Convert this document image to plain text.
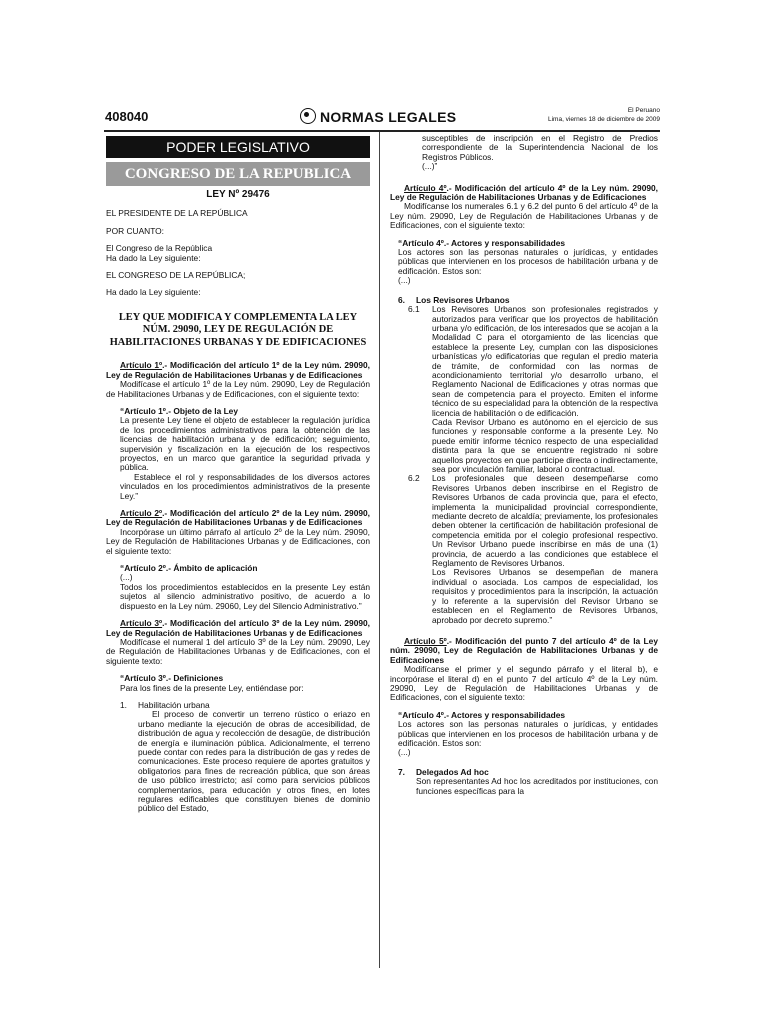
408040	NORMAS LEGALES	El Peruano
Lima, viernes 18 de diciembre de 2009
PODER LEGISLATIVO
CONGRESO DE LA REPUBLICA
LEY Nº 29476

EL PRESIDENTE DE LA REPÚBLICA

POR CUANTO:

El Congreso de la República
Ha dado la Ley siguiente:

EL CONGRESO DE LA REPÚBLICA;

Ha dado la Ley siguiente:

LEY QUE MODIFICA Y COMPLEMENTA LA LEY NÚM. 29090, LEY DE REGULACIÓN DE HABILITACIONES URBANAS Y DE EDIFICACIONES

Artículo 1º.- Modificación del artículo 1º de la Ley núm. 29090, Ley de Regulación de Habilitaciones Urbanas y de Edificaciones

Modifícase el artículo 1º de la Ley núm. 29090, Ley de Regulación de Habilitaciones Urbanas y de Edificaciones, con el siguiente texto:

“Artículo 1º.- Objeto de la Ley

La presente Ley tiene el objeto de establecer la regulación jurídica de los procedimientos administrativos para la obtención de las licencias de habilitación urbana y de edificación; seguimiento, supervisión y fiscalización en la ejecución de los respectivos proyectos, en un marco que garantice la seguridad privada y pública.

Establece el rol y responsabilidades de los diversos actores vinculados en los procedimientos administrativos de la presente Ley.”

Artículo 2º.- Modificación del artículo 2º de la Ley núm. 29090, Ley de Regulación de Habilitaciones Urbanas y de Edificaciones

Incorpórase un último párrafo al artículo 2º de la Ley núm. 29090, Ley de Regulación de Habilitaciones Urbanas y de Edificaciones, con el siguiente texto:

“Artículo 2º.- Ámbito de aplicación

(...)

Todos los procedimientos establecidos en la presente Ley están sujetos al silencio administrativo positivo, de acuerdo a lo dispuesto en la Ley núm. 29060, Ley del Silencio Administrativo.”

Artículo 3º.- Modificación del artículo 3º de la Ley núm. 29090, Ley de Regulación de Habilitaciones Urbanas y de Edificaciones

Modifícase el numeral 1 del artículo 3º de la Ley núm. 29090, Ley de Regulación de Habilitaciones Urbanas y de Edificaciones, con el siguiente texto:

“Artículo 3º.- Definiciones

Para los fines de la presente Ley, entiéndase por:

1.	Habilitación urbana

El proceso de convertir un terreno rústico o eriazo en urbano mediante la ejecución de obras de accesibilidad, de distribución de agua y recolección de desagüe, de distribución de energía e iluminación pública. Adicionalmente, el terreno puede contar con redes para la distribución de gas y redes de comunicaciones. Este proceso requiere de aportes gratuitos y obligatorios para fines de recreación pública, que son áreas de uso público irrestricto; así como para servicios públicos complementarios, para educación y otros fines, en lotes regulares edificables que constituyen bienes de dominio público del Estado,

susceptibles de inscripción en el Registro de Predios correspondiente de la Superintendencia Nacional de los Registros Públicos.

(...)”

Artículo 4º.- Modificación del artículo 4º de la Ley núm. 29090, Ley de Regulación de Habilitaciones Urbanas y de Edificaciones

Modifícanse los numerales 6.1 y 6.2 del punto 6 del artículo 4º de la Ley núm. 29090, Ley de Regulación de Habilitaciones Urbanas y de Edificaciones, con el siguiente texto:

“Artículo 4º.- Actores y responsabilidades

Los actores son las personas naturales o jurídicas, y entidades públicas que intervienen en los procesos de habilitación urbana y de edificación. Estos son:

(...)

6.	Los Revisores Urbanos
6.1	Los Revisores Urbanos son profesionales registrados y autorizados para verificar que los proyectos de habilitación urbana y/o edificación, de los interesados que se acojan a la Modalidad C para el otorgamiento de las licencias que establece la presente Ley, cumplan con las disposiciones urbanísticas y/o edificatorias que regulan el predio materia de trámite, de conformidad con las normas de acondicionamiento territorial y/o desarrollo urbano, el Reglamento Nacional de Edificaciones y otras normas que sean de competencia para el proyecto. Emiten el informe técnico de su especialidad para la obtención de la respectiva licencia de habilitación o de edificación.

Cada Revisor Urbano es autónomo en el ejercicio de sus funciones y responsable conforme a la presente Ley. No puede emitir informe técnico respecto de una especialidad distinta para la que se encuentre registrado ni sobre aquellos proyectos en que participe directa o indirectamente, sea por vinculación familiar, laboral o contractual.

6.2	Los profesionales que deseen desempeñarse como Revisores Urbanos deben inscribirse en el Registro de Revisores Urbanos de cada provincia que, para el efecto, implementa la municipalidad provincial correspondiente, mediante decreto de alcaldía; previamente, los profesionales deben obtener la certificación de habilitación profesional de competencia emitida por el colegio profesional respectivo. Un Revisor Urbano puede inscribirse en más de una (1) provincia, de acuerdo a las condiciones que establece el Reglamento de Revisores Urbanos.

Los Revisores Urbanos se desempeñan de manera individual o asociada. Los campos de especialidad, los requisitos y procedimientos para la inscripción, la actuación y lo referente a la supervisión del Revisor Urbano se establecen en el Reglamento de Revisores Urbanos, aprobado por decreto supremo.”

Artículo 5º.- Modificación del punto 7 del artículo 4º de la Ley núm. 29090, Ley de Regulación de Habilitaciones Urbanas y de Edificaciones

Modifícanse el primer y el segundo párrafo y el literal b), e incorpórase el literal d) en el punto 7 del artículo 4º de la Ley núm. 29090, Ley de Regulación de Habilitaciones Urbanas y de Edificaciones, con el siguiente texto:

“Artículo 4º.- Actores y responsabilidades

Los actores son las personas naturales o jurídicas, y entidades públicas que intervienen en los procesos de habilitación urbana y de edificación. Estos son:

(...)

7.	Delegados Ad hoc

Son representantes Ad hoc los acreditados por instituciones, con funciones específicas para la
